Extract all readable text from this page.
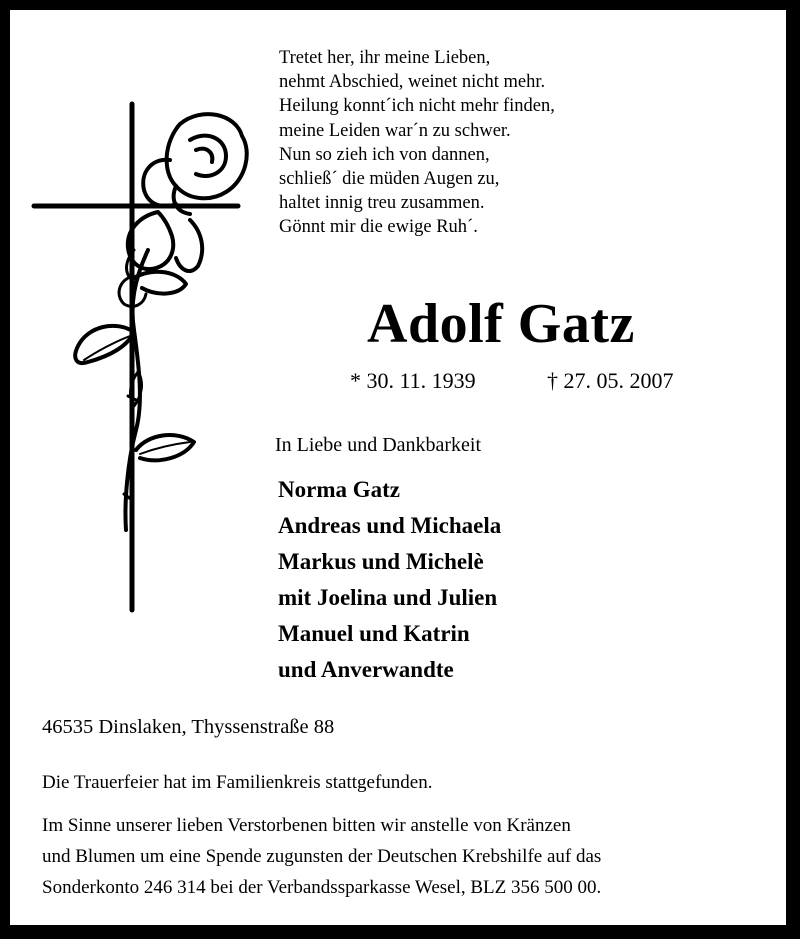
Tretet her, ihr meine Lieben,
nehmt Abschied, weinet nicht mehr.
Heilung konnt´ich nicht mehr finden,
meine Leiden war´n zu schwer.
Nun so zieh ich von dannen,
schließ´ die müden Augen zu,
haltet innig treu zusammen.
Gönnt mir die ewige Ruh´.
Adolf Gatz
* 30. 11. 1939	† 27. 05. 2007
In Liebe und Dankbarkeit
Norma Gatz
Andreas und Michaela
Markus und Michelè
mit Joelina und Julien
Manuel und Katrin
und Anverwandte
46535 Dinslaken, Thyssenstraße 88
Die Trauerfeier hat im Familienkreis stattgefunden.
Im Sinne unserer lieben Verstorbenen bitten wir anstelle von Kränzen
und Blumen um eine Spende zugunsten der Deutschen Krebshilfe auf das
Sonderkonto 246 314 bei der Verbandssparkasse Wesel, BLZ 356 500 00.
